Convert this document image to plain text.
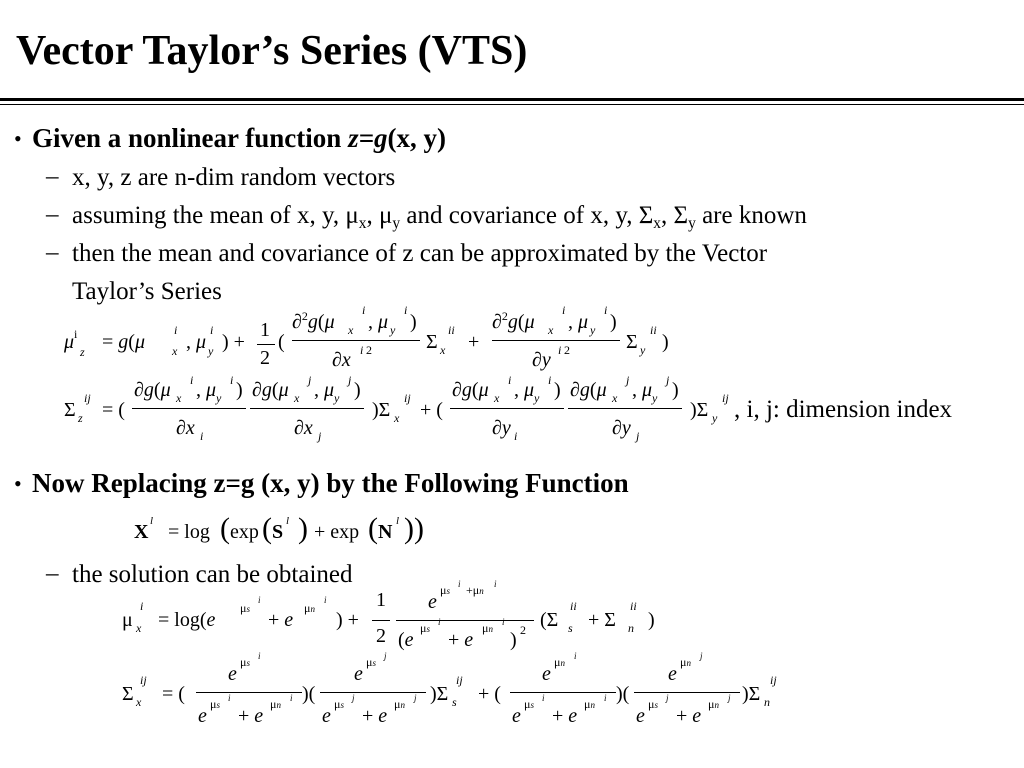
Vector Taylor’s Series (VTS)
• Given a nonlinear function z=g(x, y)
– x, y, z are n-dim random vectors
– assuming the mean of x, y, $\mu_x$, $\mu_y$ and covariance of x, y, $\Sigma_x$, $\Sigma_y$ are known
– then the mean and covariance of z can be approximated by the Vector
Taylor’s Series
$\mu^i$
z = g(μ x
i
, μ y
i
) +
1
2
(
∂$^2$g(μ x
i
, μ y
i
)
∂x i 2	Σ x
ii
+
∂$^2$g(μ x
i
, μ y
i
)
∂y i 2	Σ y
ii
)
Σ z
ij
= (
∂g(μ x
i , μ y
i )
∂x i
∂g(μ x
j , μ y
j )
∂x j
)Σ x
ij
+ (
∂g(μ x
i , μ y
i )
∂y i
∂g(μ x
j , μ y
j )
∂y j
)Σ y
ij , i, j: dimension index
• Now Replacing z=g (x, y) by the Following Function
X l = log ( exp ( S l ) + exp ( N l ))
– the solution can be obtained
μ x
i
= log(e
μs
i
+ e
μn
i
) +
1
2
e
μs
i +μn
i
(e
μs
i
+ e
μn
i
) 2 (Σ s
ii
+ Σ n
ii
)
Σ x
ij
= (
e
μs
i
e
μs
i
+ e
μn
i )(
e
μs
j
e
μs
j
+ e
μn
j )Σ s
ij
+ (
e
μn
i
e
μs
i
+ e
μn
i )(
e
μn
j
e
μs
j
+ e
μn
j )Σ n
ij
